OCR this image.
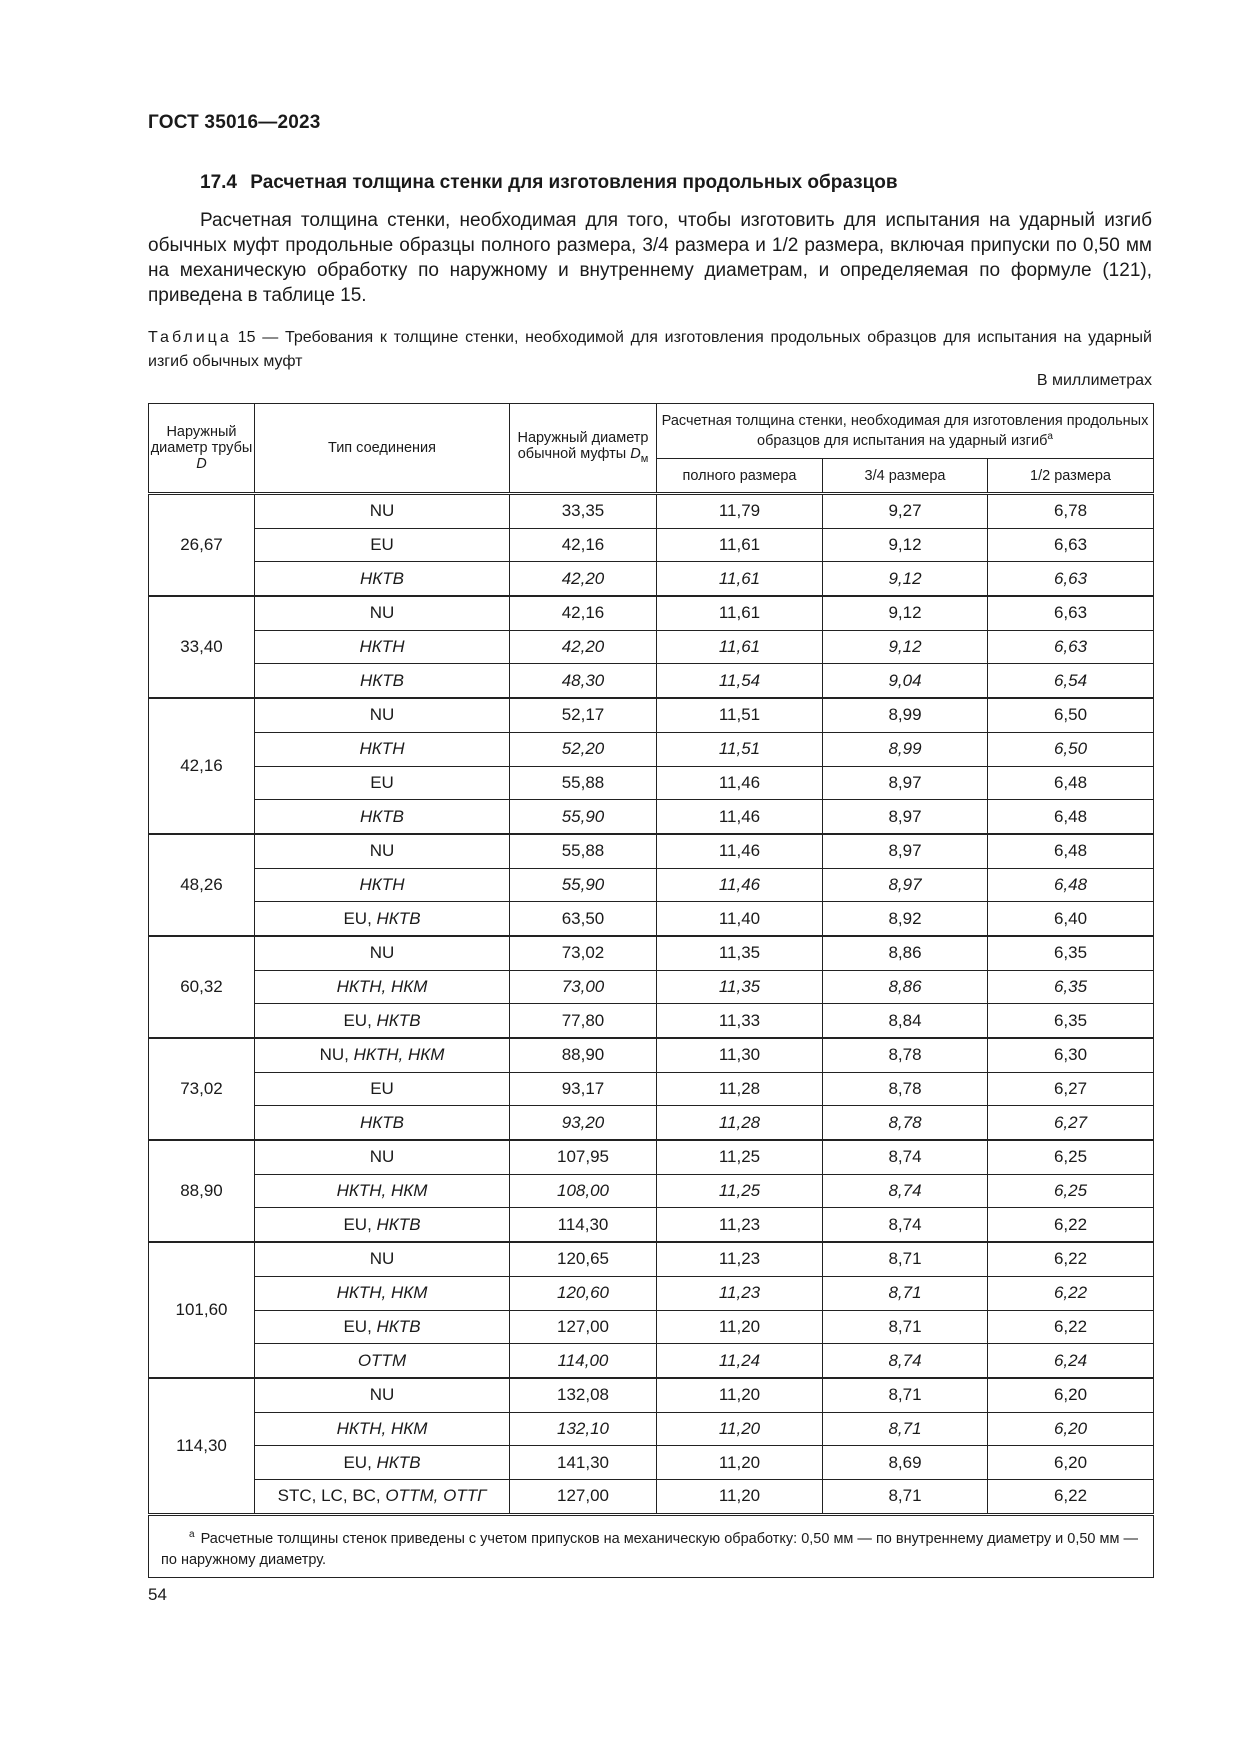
ГОСТ 35016—2023
17.4 Расчетная толщина стенки для изготовления продольных образцов

Расчетная толщина стенки, необходимая для того, чтобы изготовить для испытания на ударный изгиб обычных муфт продольные образцы полного размера, 3/4 размера и 1/2 размера, включая припуски по 0,50 мм на механическую обработку по наружному и внутреннему диаметрам, и определяемая по формуле (121), приведена в таблице 15.

Таблица 15 — Требования к толщине стенки, необходимой для изготовления продольных образцов для испытания на ударный изгиб обычных муфт

В миллиметрах
Наружный диаметр трубы D	Тип соединения	Наружный диаметр обычной муфты $D_м$	Расчетная толщина стенки, необходимая для изготовления продольных образцов для испытания на ударный изгиб$^а$
			полного размера	3/4 размера	1/2 размера
26,67	NU	33,35	11,79	9,27	6,78
	EU	42,16	11,61	9,12	6,63
	НКТВ	42,20	11,61	9,12	6,63
33,40	NU	42,16	11,61	9,12	6,63
	НКТН	42,20	11,61	9,12	6,63
	НКТВ	48,30	11,54	9,04	6,54
42,16	NU	52,17	11,51	8,99	6,50
	НКТН	52,20	11,51	8,99	6,50
	EU	55,88	11,46	8,97	6,48
	НКТВ	55,90	11,46	8,97	6,48
48,26	NU	55,88	11,46	8,97	6,48
	НКТН	55,90	11,46	8,97	6,48
	EU, НКТВ	63,50	11,40	8,92	6,40
60,32	NU	73,02	11,35	8,86	6,35
	НКТН, НКМ	73,00	11,35	8,86	6,35
	EU, НКТВ	77,80	11,33	8,84	6,35
73,02	NU, НКТН, НКМ	88,90	11,30	8,78	6,30
	EU	93,17	11,28	8,78	6,27
	НКТВ	93,20	11,28	8,78	6,27
88,90	NU	107,95	11,25	8,74	6,25
	НКТН, НКМ	108,00	11,25	8,74	6,25
	EU, НКТВ	114,30	11,23	8,74	6,22
101,60	NU	120,65	11,23	8,71	6,22
	НКТН, НКМ	120,60	11,23	8,71	6,22
	EU, НКТВ	127,00	11,20	8,71	6,22
	ОТТМ	114,00	11,24	8,74	6,24
114,30	NU	132,08	11,20	8,71	6,20
	НКТН, НКМ	132,10	11,20	8,71	6,20
	EU, НКТВ	141,30	11,20	8,69	6,20
	STC, LC, BC, ОТТМ, ОТТГ	127,00	11,20	8,71	6,22
$^а$ Расчетные толщины стенок приведены с учетом припусков на механическую обработку: 0,50 мм — по внутреннему диаметру и 0,50 мм — по наружному диаметру.					
54
